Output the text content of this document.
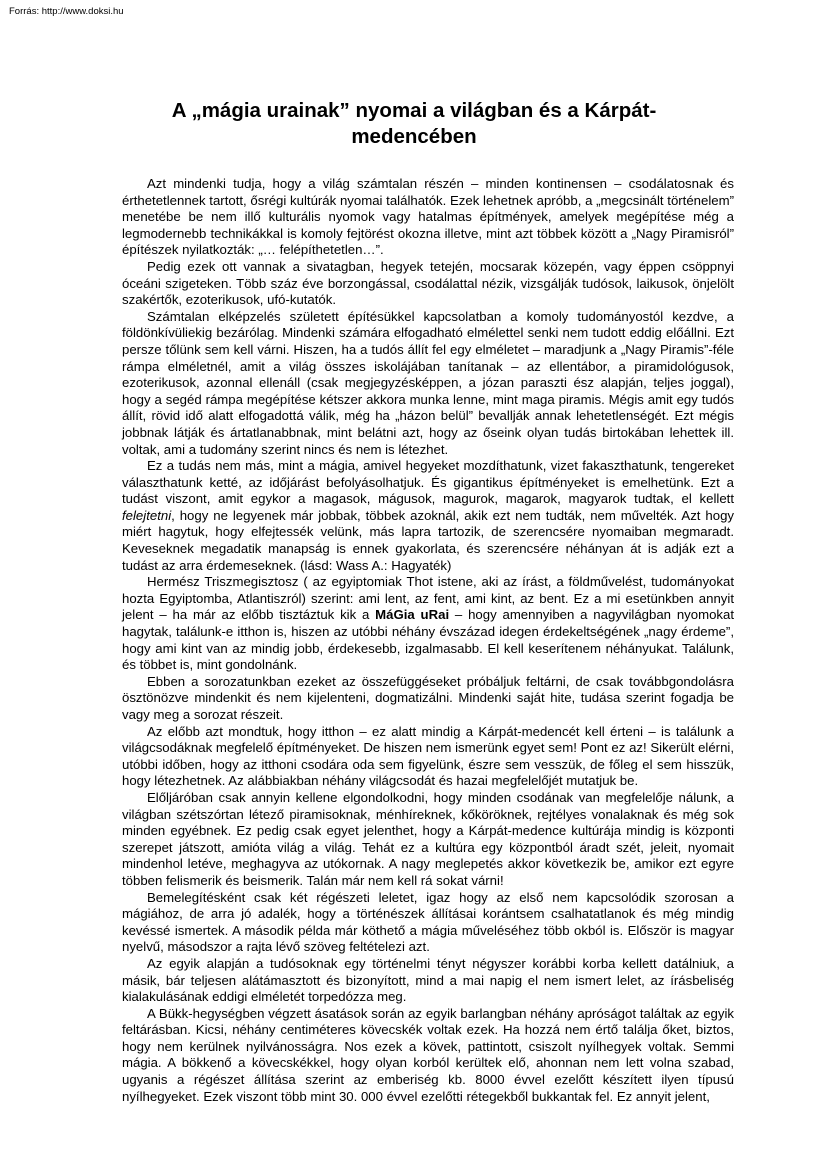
Forrás: http://www.doksi.hu
A „mágia urainak” nyomai a világban és a Kárpát-medencében

Azt mindenki tudja, hogy a világ számtalan részén – minden kontinensen – csodálatosnak és érthetetlennek tartott, ősrégi kultúrák nyomai találhatók. Ezek lehetnek apróbb, a „megcsinált történelem” menetébe be nem illő kulturális nyomok vagy hatalmas építmények, amelyek megépítése még a legmodernebb technikákkal is komoly fejtörést okozna illetve, mint azt többek között a „Nagy Piramisról” építészek nyilatkozták: „… felépíthetetlen…”.

Pedig ezek ott vannak a sivatagban, hegyek tetején, mocsarak közepén, vagy éppen csöppnyi óceáni szigeteken. Több száz éve borzongással, csodálattal nézik, vizsgálják tudósok, laikusok, önjelölt szakértők, ezoterikusok, ufó-kutatók.

Számtalan elképzelés született építésükkel kapcsolatban a komoly tudományostól kezdve, a földönkívüliekig bezárólag. Mindenki számára elfogadható elmélettel senki nem tudott eddig előállni. Ezt persze tőlünk sem kell várni. Hiszen, ha a tudós állít fel egy elméletet – maradjunk a „Nagy Piramis”-féle rámpa elméletnél, amit a világ összes iskolájában tanítanak – az ellentábor, a piramidológusok, ezoterikusok, azonnal ellenáll (csak megjegyzésképpen, a józan paraszti ész alapján, teljes joggal), hogy a segéd rámpa megépítése kétszer akkora munka lenne, mint maga piramis. Mégis amit egy tudós állít, rövid idő alatt elfogadottá válik, még ha „házon belül” bevallják annak lehetetlenségét. Ezt mégis jobbnak látják és ártatlanabbnak, mint belátni azt, hogy az őseink olyan tudás birtokában lehettek ill. voltak, ami a tudomány szerint nincs és nem is létezhet.

Ez a tudás nem más, mint a mágia, amivel hegyeket mozdíthatunk, vizet fakaszthatunk, tengereket választhatunk ketté, az időjárást befolyásolhatjuk. És gigantikus építményeket is emelhetünk. Ezt a tudást viszont, amit egykor a magasok, mágusok, magurok, magarok, magyarok tudtak, el kellett felejtetni, hogy ne legyenek már jobbak, többek azoknál, akik ezt nem tudták, nem művelték. Azt hogy miért hagytuk, hogy elfejtessék velünk, más lapra tartozik, de szerencsére nyomaiban megmaradt. Keveseknek megadatik manapság is ennek gyakorlata, és szerencsére néhányan át is adják ezt a tudást az arra érdemeseknek. (lásd: Wass A.: Hagyaték)

Hermész Triszmegisztosz ( az egyiptomiak Thot istene, aki az írást, a földművelést, tudományokat hozta Egyiptomba, Atlantiszról) szerint: ami lent, az fent, ami kint, az bent. Ez a mi esetünkben annyit jelent – ha már az előbb tisztáztuk kik a MáGia uRai – hogy amennyiben a nagyvilágban nyomokat hagytak, találunk-e itthon is, hiszen az utóbbi néhány évszázad idegen érdekeltségének „nagy érdeme”, hogy ami kint van az mindig jobb, érdekesebb, izgalmasabb. El kell keserítenem néhányukat. Találunk, és többet is, mint gondolnánk.

Ebben a sorozatunkban ezeket az összefüggéseket próbáljuk feltárni, de csak továbbgondolásra ösztönözve mindenkit és nem kijelenteni, dogmatizálni. Mindenki saját hite, tudása szerint fogadja be vagy meg a sorozat részeit.

Az előbb azt mondtuk, hogy itthon – ez alatt mindig a Kárpát-medencét kell érteni – is találunk a világcsodáknak megfelelő építményeket. De hiszen nem ismerünk egyet sem! Pont ez az! Sikerült elérni, utóbbi időben, hogy az itthoni csodára oda sem figyelünk, észre sem vesszük, de főleg el sem hisszük, hogy létezhetnek. Az alábbiakban néhány világcsodát és hazai megfelelőjét mutatjuk be.

Előljáróban csak annyin kellene elgondolkodni, hogy minden csodának van megfelelője nálunk, a világban szétszórtan létező piramisoknak, ménhíreknek, kőköröknek, rejtélyes vonalaknak és még sok minden egyébnek. Ez pedig csak egyet jelenthet, hogy a Kárpát-medence kultúrája mindig is központi szerepet játszott, amióta világ a világ. Tehát ez a kultúra egy központból áradt szét, jeleit, nyomait mindenhol letéve, meghagyva az utókornak. A nagy meglepetés akkor következik be, amikor ezt egyre többen felismerik és beismerik. Talán már nem kell rá sokat várni!

Bemelegítésként csak két régészeti leletet, igaz hogy az első nem kapcsolódik szorosan a mágiához, de arra jó adalék, hogy a történészek állításai korántsem csalhatatlanok és még mindig kevéssé ismertek. A második példa már köthető a mágia műveléséhez több okból is. Először is magyar nyelvű, másodszor a rajta lévő szöveg feltételezi azt.

Az egyik alapján a tudósoknak egy történelmi tényt négyszer korábbi korba kellett datálniuk, a másik, bár teljesen alátámasztott és bizonyított, mind a mai napig el nem ismert lelet, az írásbeliség kialakulásának eddigi elméletét torpedózza meg.

A Bükk-hegységben végzett ásatások során az egyik barlangban néhány apróságot találtak az egyik feltárásban. Kicsi, néhány centiméteres kövecskék voltak ezek. Ha hozzá nem értő találja őket, biztos, hogy nem kerülnek nyilvánosságra. Nos ezek a kövek, pattintott, csiszolt nyílhegyek voltak. Semmi mágia. A bökkenő a kövecskékkel, hogy olyan korból kerültek elő, ahonnan nem lett volna szabad, ugyanis a régészet állítása szerint az emberiség kb. 8000 évvel ezelőtt készített ilyen típusú nyílhegyeket. Ezek viszont több mint 30. 000 évvel ezelőtti rétegekből bukkantak fel. Ez annyit jelent,
